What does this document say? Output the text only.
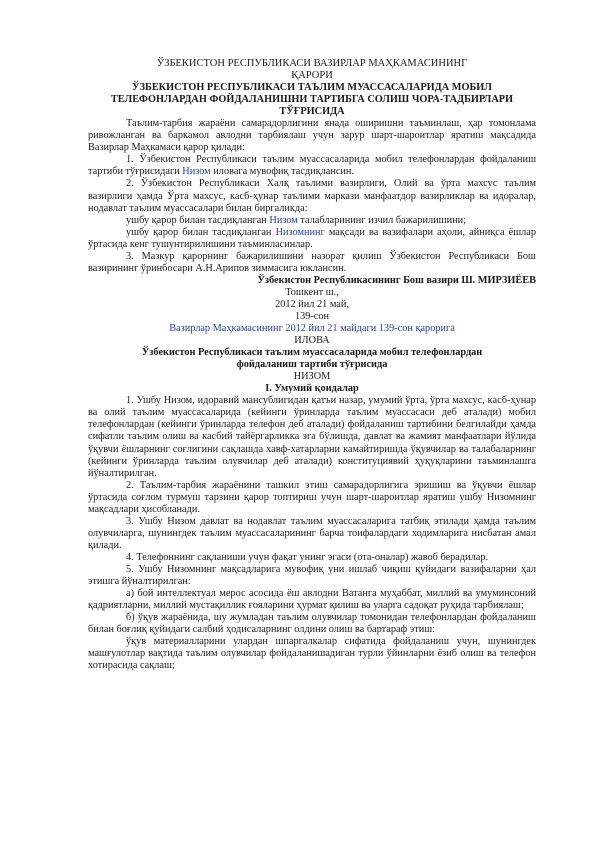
ЎЗБЕКИСТОН РЕСПУБЛИКАСИ ВАЗИРЛАР МАҲКАМАСИНИНГ

ҚАРОРИ

ЎЗБЕКИСТОН РЕСПУБЛИКАСИ ТАЪЛИМ МУАССАСАЛАРИДА МОБИЛ ТЕЛЕФОНЛАРДАН ФОЙДАЛАНИШНИ ТАРТИБГА СОЛИШ ЧОРА-ТАДБИРЛАРИ ТЎҒРИСИДА

Таълим-тарбия жараёни самарадорлигини янада оширишни таъминлаш, ҳар томонлама ривожланган ва баркамол авлодни тарбиялаш учун зарур шарт-шароитлар яратиш мақсадида Вазирлар Маҳкамаси қарор қилади:

1. Ўзбекистон Республикаси таълим муассасаларида мобил телефонлардан фойдаланиш тартиби тўғрисидаги Низом иловага мувофиқ тасдиқлансин.

2. Ўзбекистон Республикаси Халқ таълими вазирлиги, Олий ва ўрта махсус таълим вазирлиги ҳамда Ўрта махсус, касб-ҳунар таълими маркази манфаатдор вазирликлар ва идоралар, нодавлат таълим муассасалари билан биргаликда:

ушбу қарор билан тасдиқланган Низом талабларининг изчил бажарилишини;

ушбу қарор билан тасдиқланган Низомнинг мақсади ва вазифалари аҳоли, айниқса ёшлар ўртасида кенг тушунтирилишини таъминласинлар.

3. Мазкур қарорнинг бажарилишини назорат қилиш Ўзбекистон Республикаси Бош вазирининг ўринбосари А.Н.Арипов зиммасига юклансин.

Ўзбекистон Республикасининг Бош вазири Ш. МИРЗИЁЕВ

Тошкент ш.,

2012 йил 21 май,

139-сон

Вазирлар Маҳкамасининг 2012 йил 21 майдаги 139-сон қарорига

ИЛОВА

Ўзбекистон Республикаси таълим муассасаларида мобил телефонлардан фойдаланиш тартиби тўғрисида

НИЗОМ

I. Умумий қоидалар

1. Ушбу Низом, идоравий мансублигидан қатъи назар, умумий ўрта, ўрта махсус, касб-ҳунар ва олий таълим муассасаларида (кейинги ўринларда таълим муассасаси деб аталади) мобил телефонлардан (кейинги ўринларда телефон деб аталади) фойдаланиш тартибини белгилайди ҳамда сифатли таълим олиш ва касбий тайёргарликка эга бўлишда, давлат ва жамият манфаатлари йўлида ўқувчи ёшларнинг соғлигини сақлашда хавф-хатарларни камайтиришда ўқувчилар ва талабаларнинг (кейинги ўринларда таълим олувчилар деб аталади) конституциявий ҳуқуқларини таъминлашга йўналтирилган.

2. Таълим-тарбия жараёнини ташкил этиш самарадорлигига эришиш ва ўқувчи ёшлар ўртасида соғлом турмуш тарзини қарор топтириш учун шарт-шароитлар яратиш ушбу Низомнинг мақсадлари ҳисобланади.

3. Ушбу Низом давлат ва нодавлат таълим муассасаларига татбиқ этилади ҳамда таълим олувчиларга, шунингдек таълим муассасаларининг барча тоифалардаги ходимларига нисбатан амал қилади.

4. Телефоннинг сақланиши учун фақат унинг эгаси (ота-оналар) жавоб берадилар.

5. Ушбу Низомнинг мақсадларига мувофиқ уни ишлаб чиқиш қуйидаги вазифаларни ҳал этишга йўналтирилган:

а) бой интеллектуал мерос асосида ёш авлодни Ватанга муҳаббат, миллий ва умуминсоний қадриятларни, миллий мустақиллик ғояларини ҳурмат қилиш ва уларга садоқат руҳида тарбиялаш;

б) ўқув жараёнида, шу жумладан таълим олувчилар томонидан телефонлардан фойдаланиш билан боғлиқ қуйидаги салбий ҳодисаларнинг олдини олиш ва бартараф этиш:

ўқув материалларини улардан шпаргалкалар сифатида фойдаланиш учун, шунингдек машғулотлар вақтида таълим олувчилар фойдаланишадиган турли ўйинларни ёзиб олиш ва телефон хотирасида сақлаш;
